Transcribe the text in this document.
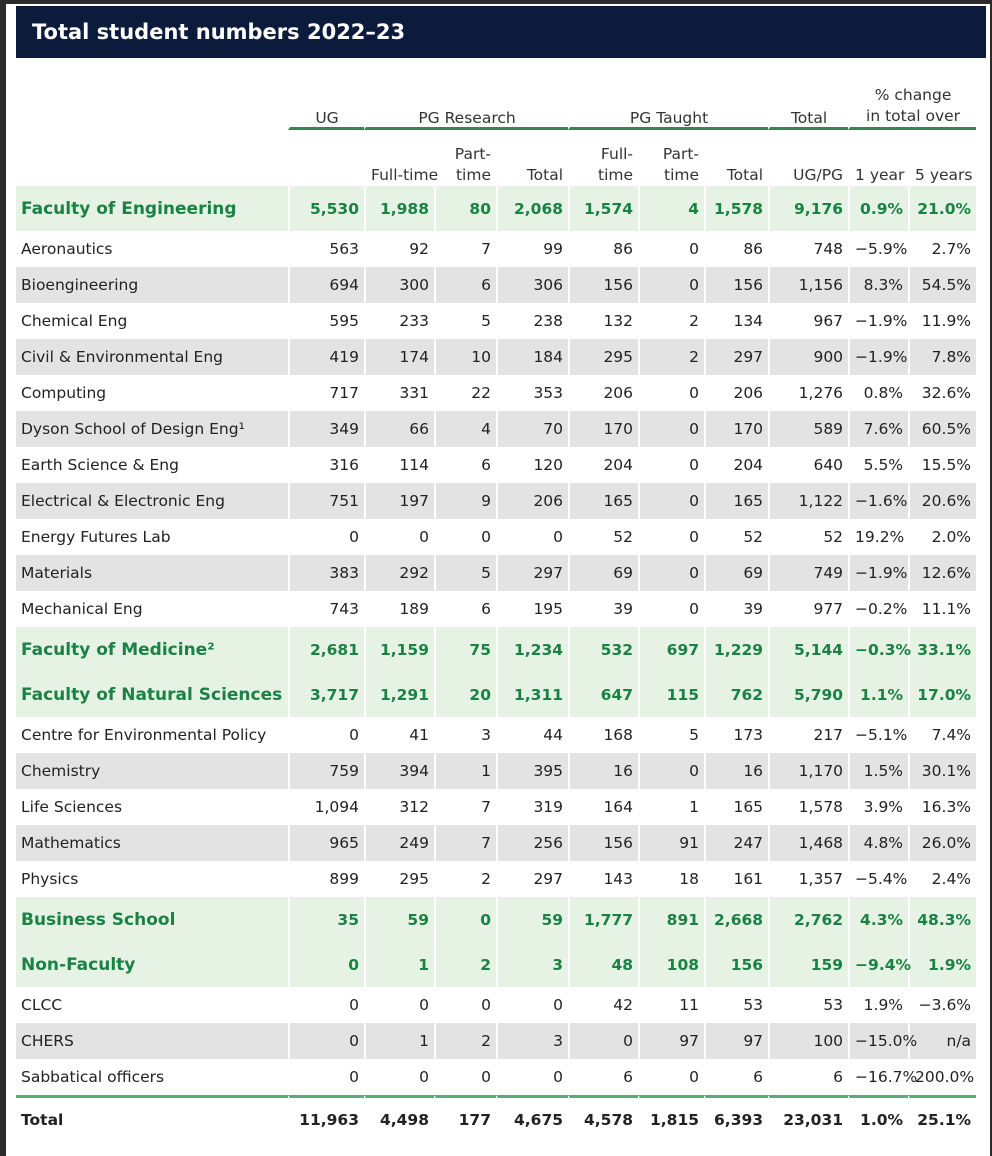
Total student numbers 2022–23
	UG	PG Research			PG Taught			Total	% change
in total over	
		Full-time	Part-
time	Total	Full-
time	Part-
time	Total	UG/PG	1 year	5 years
Faculty of Engineering	5,530	1,988	80	2,068	1,574	4	1,578	9,176	0.9%	21.0%
Aeronautics	563	92	7	99	86	0	86	748	−5.9%	2.7%
Bioengineering	694	300	6	306	156	0	156	1,156	8.3%	54.5%
Chemical Eng	595	233	5	238	132	2	134	967	−1.9%	11.9%
Civil & Environmental Eng	419	174	10	184	295	2	297	900	−1.9%	7.8%
Computing	717	331	22	353	206	0	206	1,276	0.8%	32.6%
Dyson School of Design Eng¹	349	66	4	70	170	0	170	589	7.6%	60.5%
Earth Science & Eng	316	114	6	120	204	0	204	640	5.5%	15.5%
Electrical & Electronic Eng	751	197	9	206	165	0	165	1,122	−1.6%	20.6%
Energy Futures Lab	0	0	0	0	52	0	52	52	19.2%	2.0%
Materials	383	292	5	297	69	0	69	749	−1.9%	12.6%
Mechanical Eng	743	189	6	195	39	0	39	977	−0.2%	11.1%
Faculty of Medicine²	2,681	1,159	75	1,234	532	697	1,229	5,144	−0.3%	33.1%
Faculty of Natural Sciences	3,717	1,291	20	1,311	647	115	762	5,790	1.1%	17.0%
Centre for Environmental Policy	0	41	3	44	168	5	173	217	−5.1%	7.4%
Chemistry	759	394	1	395	16	0	16	1,170	1.5%	30.1%
Life Sciences	1,094	312	7	319	164	1	165	1,578	3.9%	16.3%
Mathematics	965	249	7	256	156	91	247	1,468	4.8%	26.0%
Physics	899	295	2	297	143	18	161	1,357	−5.4%	2.4%
Business School	35	59	0	59	1,777	891	2,668	2,762	4.3%	48.3%
Non-Faculty	0	1	2	3	48	108	156	159	−9.4%	1.9%
CLCC	0	0	0	0	42	11	53	53	1.9%	−3.6%
CHERS	0	1	2	3	0	97	97	100	−15.0%	n/a
Sabbatical officers	0	0	0	0	6	0	6	6	−16.7%	200.0%
Total	11,963	4,498	177	4,675	4,578	1,815	6,393	23,031	1.0%	25.1%
